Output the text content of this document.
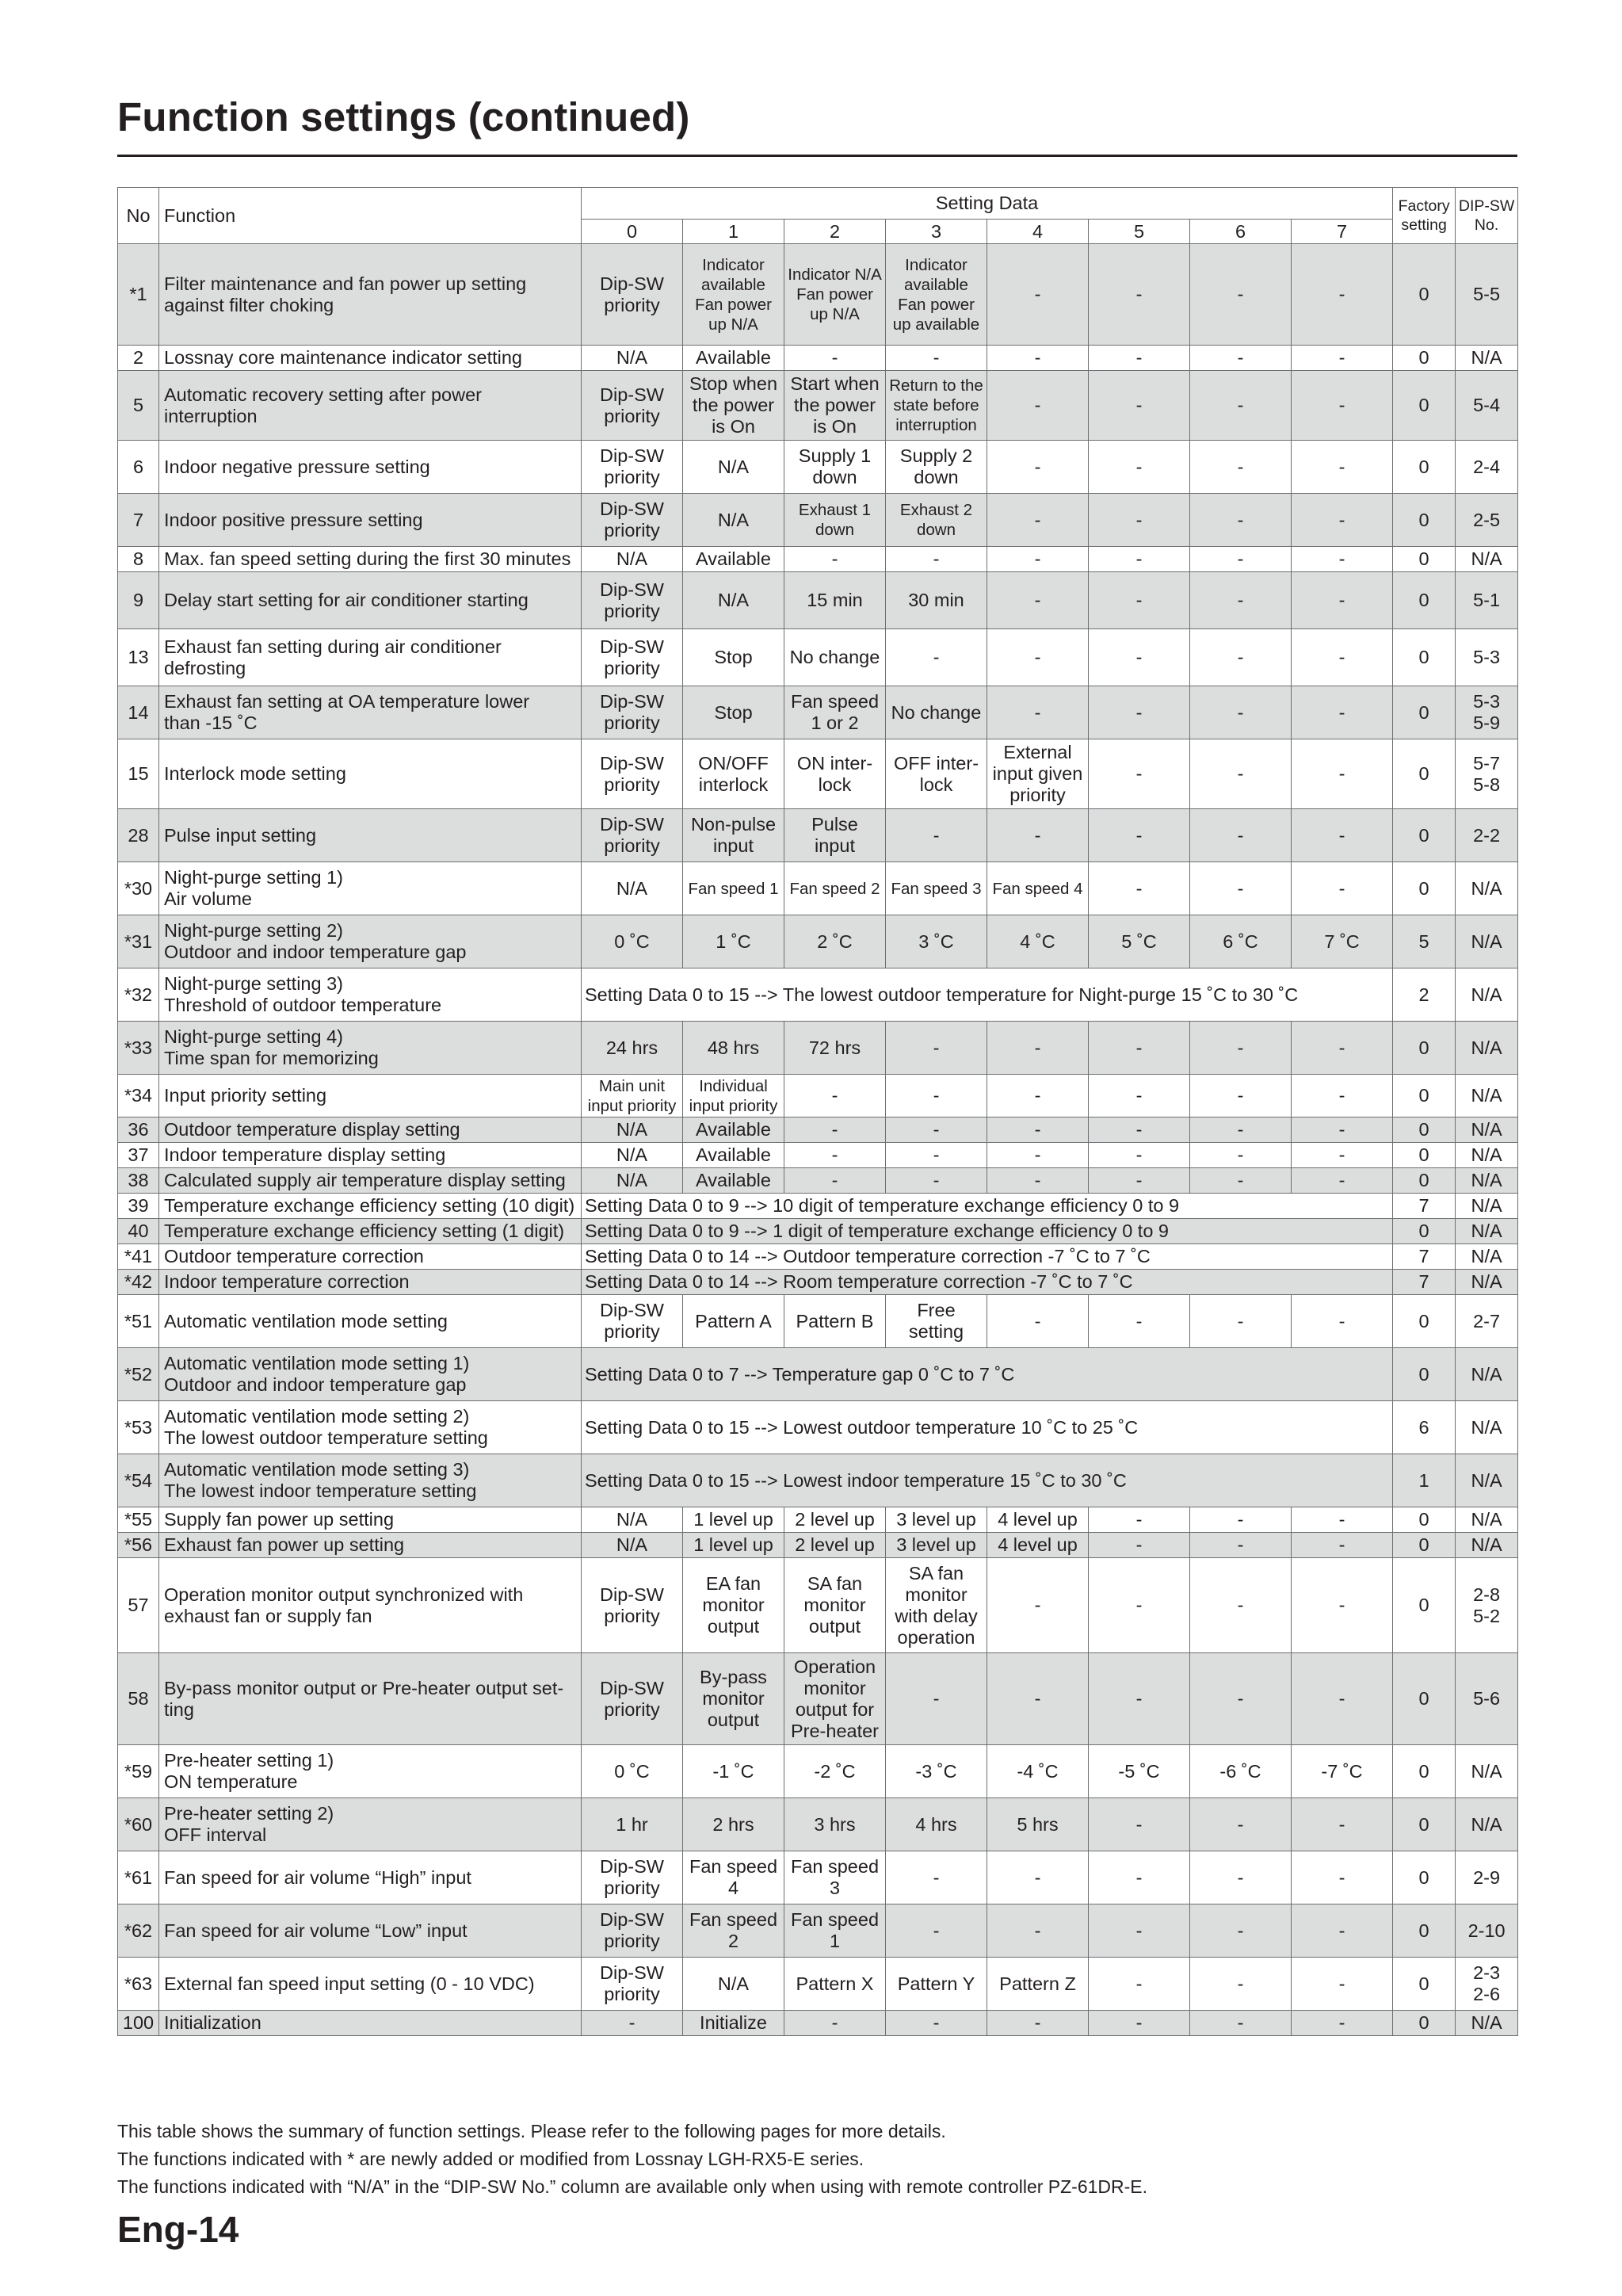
Function settings (continued)
No	Function	Setting Data								Factory
setting	DIP-SW
No.
		0	1	2	3	4	5	6	7		
*1	Filter maintenance and fan power up setting
against filter choking	Dip-SW
priority	Indicator
available
Fan power
up N/A	Indicator N/A
Fan power
up N/A	Indicator
available
Fan power
up available	-	-	-	-	0	5-5
2	Lossnay core maintenance indicator setting	N/A	Available	-	-	-	-	-	-	0	N/A
5	Automatic recovery setting after power interruption	Dip-SW
priority	Stop when
the power
is On	Start when
the power
is On	Return to the
state before
interruption	-	-	-	-	0	5-4
6	Indoor negative pressure setting	Dip-SW
priority	N/A	Supply 1
down	Supply 2
down	-	-	-	-	0	2-4
7	Indoor positive pressure setting	Dip-SW
priority	N/A	Exhaust 1
down	Exhaust 2
down	-	-	-	-	0	2-5
8	Max. fan speed setting during the first 30 minutes	N/A	Available	-	-	-	-	-	-	0	N/A
9	Delay start setting for air conditioner starting	Dip-SW
priority	N/A	15 min	30 min	-	-	-	-	0	5-1
13	Exhaust fan setting during air conditioner defrosting	Dip-SW
priority	Stop	No change	-	-	-	-	-	0	5-3
14	Exhaust fan setting at OA temperature lower
than -15 ˚C	Dip-SW
priority	Stop	Fan speed
1 or 2	No change	-	-	-	-	0	5-3
5-9
15	Interlock mode setting	Dip-SW
priority	ON/OFF
interlock	ON inter-
lock	OFF inter-
lock	External
input given
priority	-	-	-	0	5-7
5-8
28	Pulse input setting	Dip-SW
priority	Non-pulse
input	Pulse
input	-	-	-	-	-	0	2-2
*30	Night-purge setting 1)
Air volume	N/A	Fan speed 1	Fan speed 2	Fan speed 3	Fan speed 4	-	-	-	0	N/A
*31	Night-purge setting 2)
Outdoor and indoor temperature gap	0 ˚C	1 ˚C	2 ˚C	3 ˚C	4 ˚C	5 ˚C	6 ˚C	7 ˚C	5	N/A
*32	Night-purge setting 3)
Threshold of outdoor temperature	Setting Data 0 to 15 --> The lowest outdoor temperature for Night-purge 15 ˚C to 30 ˚C								2	N/A
*33	Night-purge setting 4)
Time span for memorizing	24 hrs	48 hrs	72 hrs	-	-	-	-	-	0	N/A
*34	Input priority setting	Main unit
input priority	Individual
input priority	-	-	-	-	-	-	0	N/A
36	Outdoor temperature display setting	N/A	Available	-	-	-	-	-	-	0	N/A
37	Indoor temperature display setting	N/A	Available	-	-	-	-	-	-	0	N/A
38	Calculated supply air temperature display setting	N/A	Available	-	-	-	-	-	-	0	N/A
39	Temperature exchange efficiency setting (10 digit)	Setting Data 0 to 9 --> 10 digit of temperature exchange efficiency 0 to 9								7	N/A
40	Temperature exchange efficiency setting (1 digit)	Setting Data 0 to 9 --> 1 digit of temperature exchange efficiency 0 to 9								0	N/A
*41	Outdoor temperature correction	Setting Data 0 to 14 --> Outdoor temperature correction -7 ˚C to 7 ˚C								7	N/A
*42	Indoor temperature correction	Setting Data 0 to 14 --> Room temperature correction -7 ˚C to 7 ˚C								7	N/A
*51	Automatic ventilation mode setting	Dip-SW
priority	Pattern A	Pattern B	Free
setting	-	-	-	-	0	2-7
*52	Automatic ventilation mode setting 1)
Outdoor and indoor temperature gap	Setting Data 0 to 7 --> Temperature gap 0 ˚C to 7 ˚C								0	N/A
*53	Automatic ventilation mode setting 2)
The lowest outdoor temperature setting	Setting Data 0 to 15 --> Lowest outdoor temperature 10 ˚C to 25 ˚C								6	N/A
*54	Automatic ventilation mode setting 3)
The lowest indoor temperature setting	Setting Data 0 to 15 --> Lowest indoor temperature 15 ˚C to 30 ˚C								1	N/A
*55	Supply fan power up setting	N/A	1 level up	2 level up	3 level up	4 level up	-	-	-	0	N/A
*56	Exhaust fan power up setting	N/A	1 level up	2 level up	3 level up	4 level up	-	-	-	0	N/A
57	Operation monitor output synchronized with
exhaust fan or supply fan	Dip-SW
priority	EA fan
monitor
output	SA fan
monitor
output	SA fan
monitor
with delay
operation	-	-	-	-	0	2-8
5-2
58	By-pass monitor output or Pre-heater output set-
ting	Dip-SW
priority	By-pass
monitor
output	Operation
monitor
output for
Pre-heater	-	-	-	-	-	0	5-6
*59	Pre-heater setting 1)
ON temperature	0 ˚C	-1 ˚C	-2 ˚C	-3 ˚C	-4 ˚C	-5 ˚C	-6 ˚C	-7 ˚C	0	N/A
*60	Pre-heater setting 2)
OFF interval	1 hr	2 hrs	3 hrs	4 hrs	5 hrs	-	-	-	0	N/A
*61	Fan speed for air volume “High” input	Dip-SW
priority	Fan speed
4	Fan speed
3	-	-	-	-	-	0	2-9
*62	Fan speed for air volume “Low” input	Dip-SW
priority	Fan speed
2	Fan speed
1	-	-	-	-	-	0	2-10
*63	External fan speed input setting (0 - 10 VDC)	Dip-SW
priority	N/A	Pattern X	Pattern Y	Pattern Z	-	-	-	0	2-3
2-6
100	Initialization	-	Initialize	-	-	-	-	-	-	0	N/A
This table shows the summary of function settings. Please refer to the following pages for more details.
The functions indicated with * are newly added or modified from Lossnay LGH-RX5-E series.
The functions indicated with “N/A” in the “DIP-SW No.” column are available only when using with remote controller PZ-61DR-E.
Eng-14
